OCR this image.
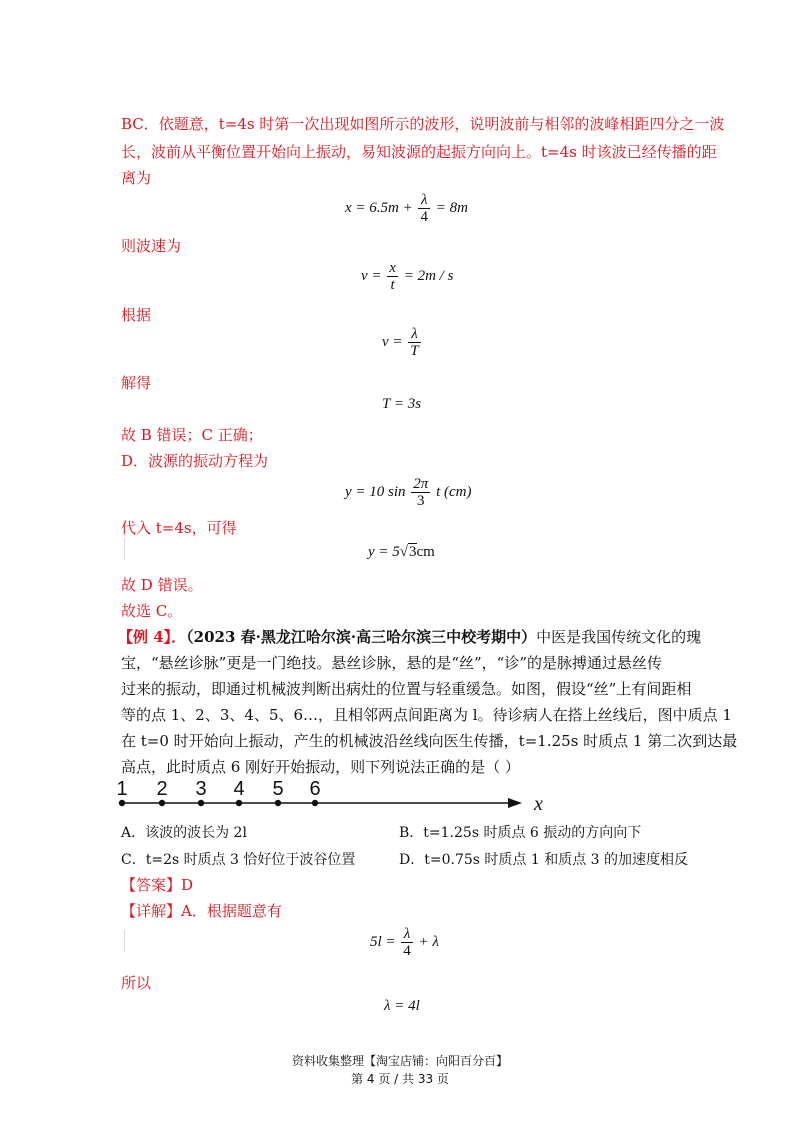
BC．依题意，t=4s 时第一次出现如图所示的波形，说明波前与相邻的波峰相距四分之一波
长，波前从平衡位置开始向上振动，易知波源的起振方向向上。t=4s 时该波已经传播的距
离为
$x = 6.5m + \frac{\lambda}{4} = 8m$
则波速为
$v = \frac{x}{t} = 2m / s$
根据
$v = \frac{\lambda}{T}$
解得
T = 3s
故 B 错误；C 正确；
D．波源的振动方程为
y = 10 $\sin \frac{2\pi}{3}$ t (cm)
代入 t=4s，可得
y = 5√3cm
故 D 错误。
故选 C。
【例 4】．（2023 春·黑龙江哈尔滨·高三哈尔滨三中校考期中）中医是我国传统文化的瑰
宝，“悬丝诊脉”更是一门绝技。悬丝诊脉，悬的是“丝”，“诊”的是脉搏通过悬丝传
过来的振动，即通过机械波判断出病灶的位置与轻重缓急。如图，假设“丝”上有间距相
等的点 1、2、3、4、5、6…，且相邻两点间距离为 l。待诊病人在搭上丝线后，图中质点 1
在 t=0 时开始向上振动，产生的机械波沿丝线向医生传播，t=1.25s 时质点 1 第二次到达最
高点，此时质点 6 刚好开始振动，则下列说法正确的是（ ）
1 2 3 4 5 6
x
A．该波的波长为 2l	B．t=1.25s 时质点 6 振动的方向向下
C．t=2s 时质点 3 恰好位于波谷位置	D．t=0.75s 时质点 1 和质点 3 的加速度相反
【答案】D
【详解】A．根据题意有
$5l = \frac{\lambda}{4} + \lambda$
所以
λ = 4l
资料收集整理【淘宝店铺：向阳百分百】
第 4 页 / 共 33 页
